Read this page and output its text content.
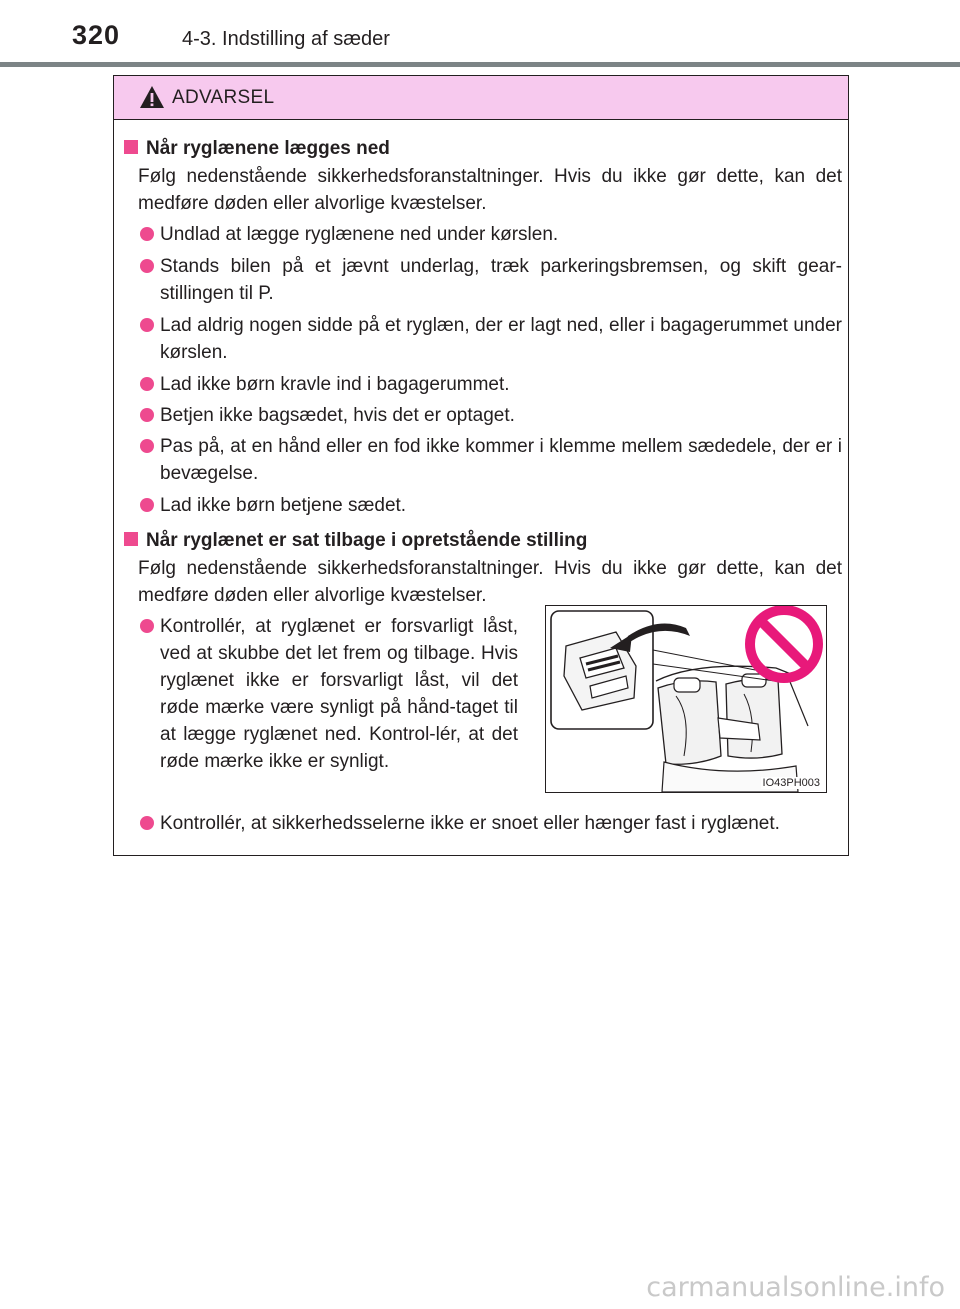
320	4-3. Indstilling af sæder
ADVARSEL
Når ryglænene lægges ned
Følg nedenstående sikkerhedsforanstaltninger. Hvis du ikke gør dette, kan det medføre døden eller alvorlige kvæstelser.
Undlad at lægge ryglænene ned under kørslen.
Stands bilen på et jævnt underlag, træk parkeringsbremsen, og skift gear-stillingen til P.
Lad aldrig nogen sidde på et ryglæn, der er lagt ned, eller i bagagerummet under kørslen.
Lad ikke børn kravle ind i bagagerummet.
Betjen ikke bagsædet, hvis det er optaget.
Pas på, at en hånd eller en fod ikke kommer i klemme mellem sædedele, der er i bevægelse.
Lad ikke børn betjene sædet.
Når ryglænet er sat tilbage i opretstående stilling
Følg nedenstående sikkerhedsforanstaltninger. Hvis du ikke gør dette, kan det medføre døden eller alvorlige kvæstelser.
Kontrollér, at ryglænet er forsvarligt låst, ved at skubbe det let frem og tilbage. Hvis ryglænet ikke er forsvarligt låst, vil det røde mærke være synligt på hånd-taget til at lægge ryglænet ned. Kontrol-lér, at det røde mærke ikke er synligt.
IO43PH003
Kontrollér, at sikkerhedsselerne ikke er snoet eller hænger fast i ryglænet.
carmanualsonline.info
